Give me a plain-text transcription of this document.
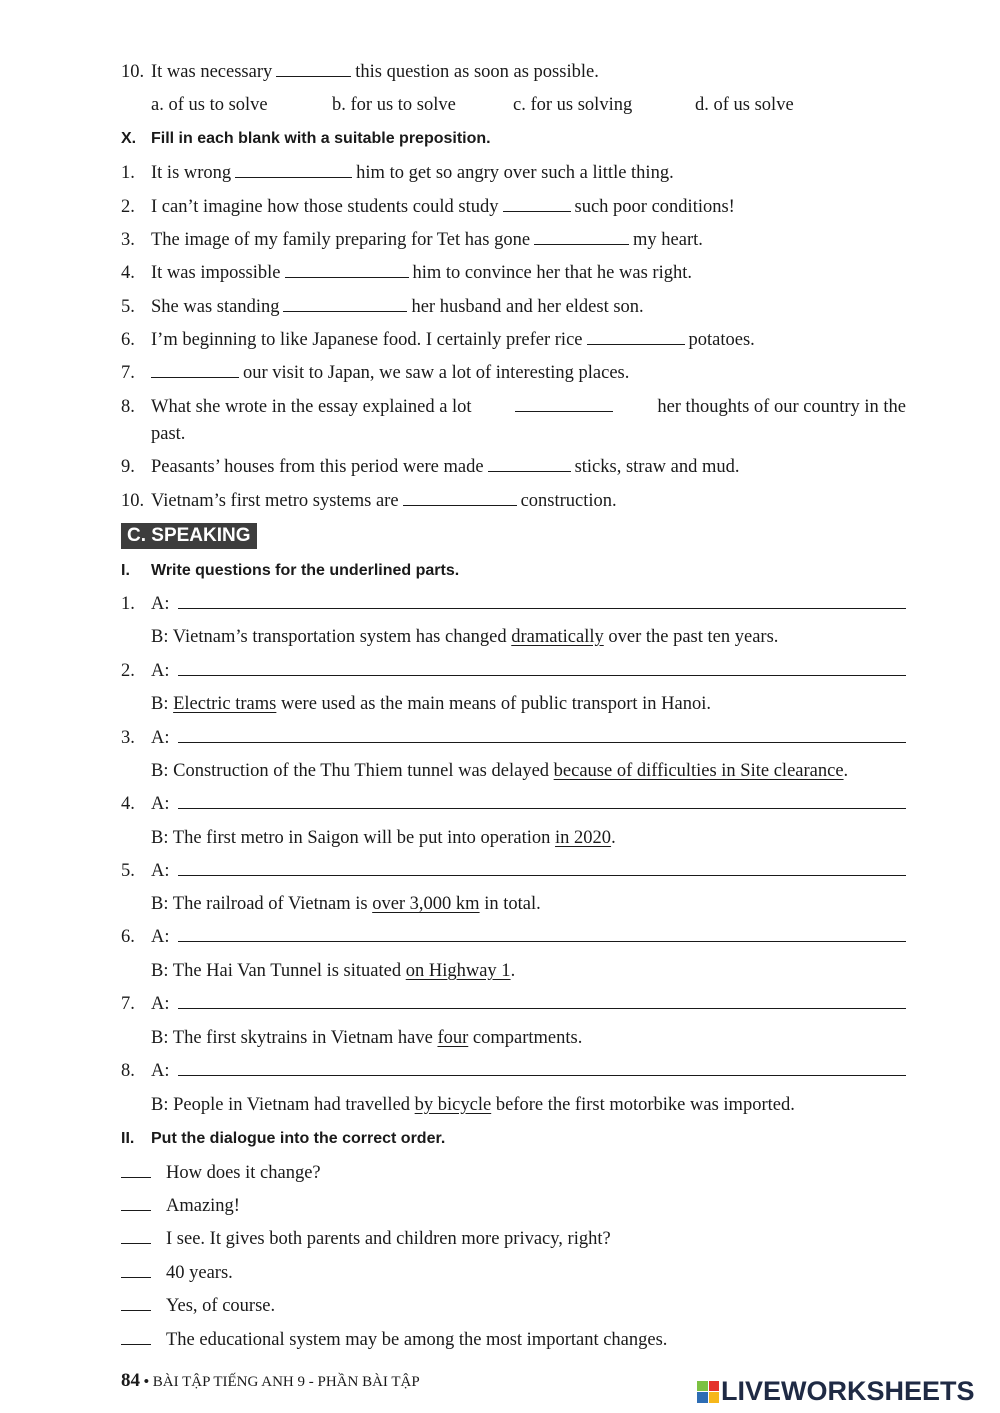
10. It was necessary	this question as soon as possible.
a. of us to solve	b. for us to solve	c. for us solving	d. of us solve
X. Fill in each blank with a suitable preposition.
1. It is wrong	him to get so angry over such a little thing.
2. I can’t imagine how those students could study	such poor conditions!
3. The image of my family preparing for Tet has gone	my heart.
4. It was impossible	him to convince her that he was right.
5. She was standing	her husband and her eldest son.
6. I’m beginning to like Japanese food. I certainly prefer rice	potatoes.
7.	our visit to Japan, we saw a lot of interesting places.
8. What she wrote in the essay explained a lot	her thoughts of our country in the
past.
9. Peasants’ houses from this period were made	sticks, straw and mud.
10. Vietnam’s first metro systems are	construction.
C. SPEAKING
I. Write questions for the underlined parts.
1. A:
B: Vietnam’s transportation system has changed dramatically over the past ten years.
2. A:
B: Electric trams were used as the main means of public transport in Hanoi.
3. A:
B: Construction of the Thu Thiem tunnel was delayed because of difficulties in Site clearance.
4. A:
B: The first metro in Saigon will be put into operation in 2020.
5. A:
B: The railroad of Vietnam is over 3,000 km in total.
6. A:
B: The Hai Van Tunnel is situated on Highway 1.
7. A:
B: The first skytrains in Vietnam have four compartments.
8. A:
B: People in Vietnam had travelled by bicycle before the first motorbike was imported.
II. Put the dialogue into the correct order.
How does it change?
Amazing!
I see. It gives both parents and children more privacy, right?
40 years.
Yes, of course.
The educational system may be among the most important changes.
84 • BÀI TẬP TIẾNG ANH 9 - PHẦN BÀI TẬP	LIVEWORKSHEETS
